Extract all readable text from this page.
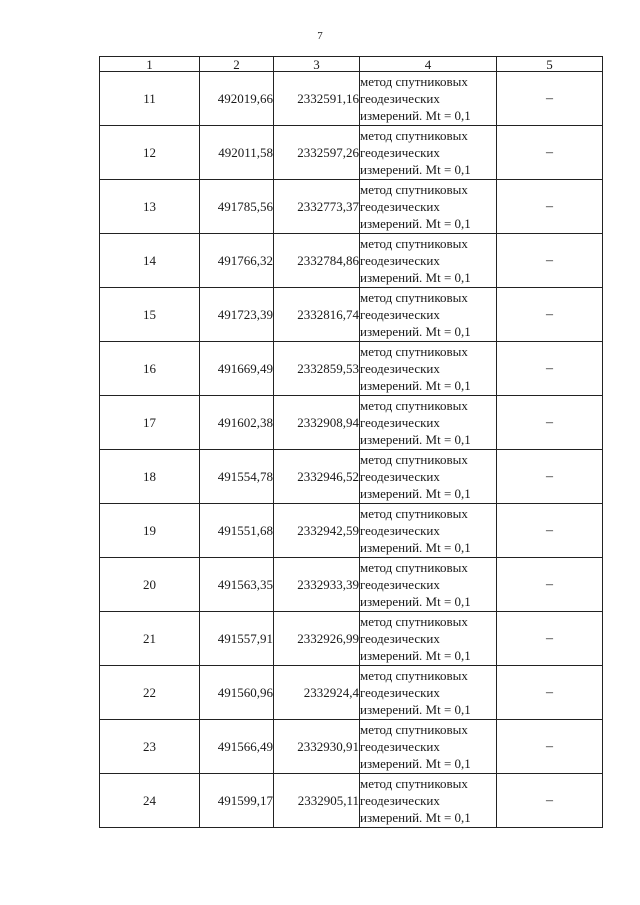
7
1	2	3	4	5
11	492019,66	2332591,16	метод спутниковых
геодезических
измерений. Mt = 0,1	–
12	492011,58	2332597,26	метод спутниковых
геодезических
измерений. Mt = 0,1	–
13	491785,56	2332773,37	метод спутниковых
геодезических
измерений. Mt = 0,1	–
14	491766,32	2332784,86	метод спутниковых
геодезических
измерений. Mt = 0,1	–
15	491723,39	2332816,74	метод спутниковых
геодезических
измерений. Mt = 0,1	–
16	491669,49	2332859,53	метод спутниковых
геодезических
измерений. Mt = 0,1	–
17	491602,38	2332908,94	метод спутниковых
геодезических
измерений. Mt = 0,1	–
18	491554,78	2332946,52	метод спутниковых
геодезических
измерений. Mt = 0,1	–
19	491551,68	2332942,59	метод спутниковых
геодезических
измерений. Mt = 0,1	–
20	491563,35	2332933,39	метод спутниковых
геодезических
измерений. Mt = 0,1	–
21	491557,91	2332926,99	метод спутниковых
геодезических
измерений. Mt = 0,1	–
22	491560,96	2332924,4	метод спутниковых
геодезических
измерений. Mt = 0,1	–
23	491566,49	2332930,91	метод спутниковых
геодезических
измерений. Mt = 0,1	–
24	491599,17	2332905,11	метод спутниковых
геодезических
измерений. Mt = 0,1	–
